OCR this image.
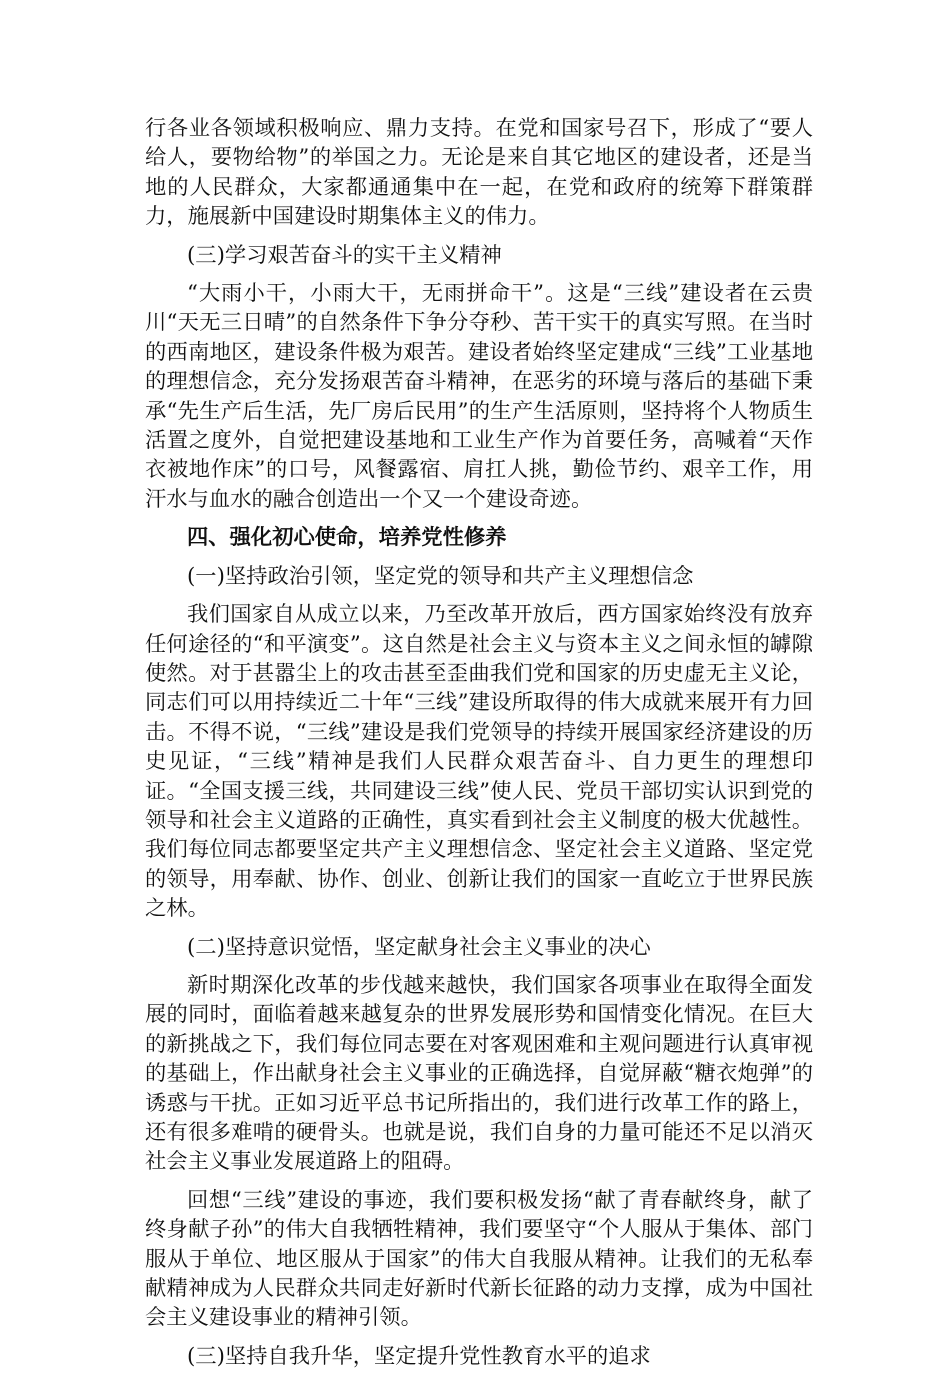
行各业各领域积极响应、鼎力支持。在党和国家号召下，形成了“要人给人，要物给物”的举国之力。无论是来自其它地区的建设者，还是当地的人民群众，大家都通通集中在一起，在党和政府的统筹下群策群力，施展新中国建设时期集体主义的伟力。

(三)学习艰苦奋斗的实干主义精神

“大雨小干，小雨大干，无雨拼命干”。这是“三线”建设者在云贵川“天无三日晴”的自然条件下争分夺秒、苦干实干的真实写照。在当时的西南地区，建设条件极为艰苦。建设者始终坚定建成“三线”工业基地的理想信念，充分发扬艰苦奋斗精神，在恶劣的环境与落后的基础下秉承“先生产后生活，先厂房后民用”的生产生活原则，坚持将个人物质生活置之度外，自觉把建设基地和工业生产作为首要任务，高喊着“天作衣被地作床”的口号，风餐露宿、肩扛人挑，勤俭节约、艰辛工作，用汗水与血水的融合创造出一个又一个建设奇迹。

四、强化初心使命，培养党性修养

(一)坚持政治引领，坚定党的领导和共产主义理想信念

我们国家自从成立以来，乃至改革开放后，西方国家始终没有放弃任何途径的“和平演变”。这自然是社会主义与资本主义之间永恒的罅隙使然。对于甚嚣尘上的攻击甚至歪曲我们党和国家的历史虚无主义论，同志们可以用持续近二十年“三线”建设所取得的伟大成就来展开有力回击。不得不说，“三线”建设是我们党领导的持续开展国家经济建设的历史见证，“三线”精神是我们人民群众艰苦奋斗、自力更生的理想印证。“全国支援三线，共同建设三线”使人民、党员干部切实认识到党的领导和社会主义道路的正确性，真实看到社会主义制度的极大优越性。我们每位同志都要坚定共产主义理想信念、坚定社会主义道路、坚定党的领导，用奉献、协作、创业、创新让我们的国家一直屹立于世界民族之林。

(二)坚持意识觉悟，坚定献身社会主义事业的决心

新时期深化改革的步伐越来越快，我们国家各项事业在取得全面发展的同时，面临着越来越复杂的世界发展形势和国情变化情况。在巨大的新挑战之下，我们每位同志要在对客观困难和主观问题进行认真审视的基础上，作出献身社会主义事业的正确选择，自觉屏蔽“糖衣炮弹”的诱惑与干扰。正如习近平总书记所指出的，我们进行改革工作的路上，还有很多难啃的硬骨头。也就是说，我们自身的力量可能还不足以消灭社会主义事业发展道路上的阻碍。

回想“三线”建设的事迹，我们要积极发扬“献了青春献终身，献了终身献子孙”的伟大自我牺牲精神，我们要坚守“个人服从于集体、部门服从于单位、地区服从于国家”的伟大自我服从精神。让我们的无私奉献精神成为人民群众共同走好新时代新长征路的动力支撑，成为中国社会主义建设事业的精神引领。

(三)坚持自我升华，坚定提升党性教育水平的追求
